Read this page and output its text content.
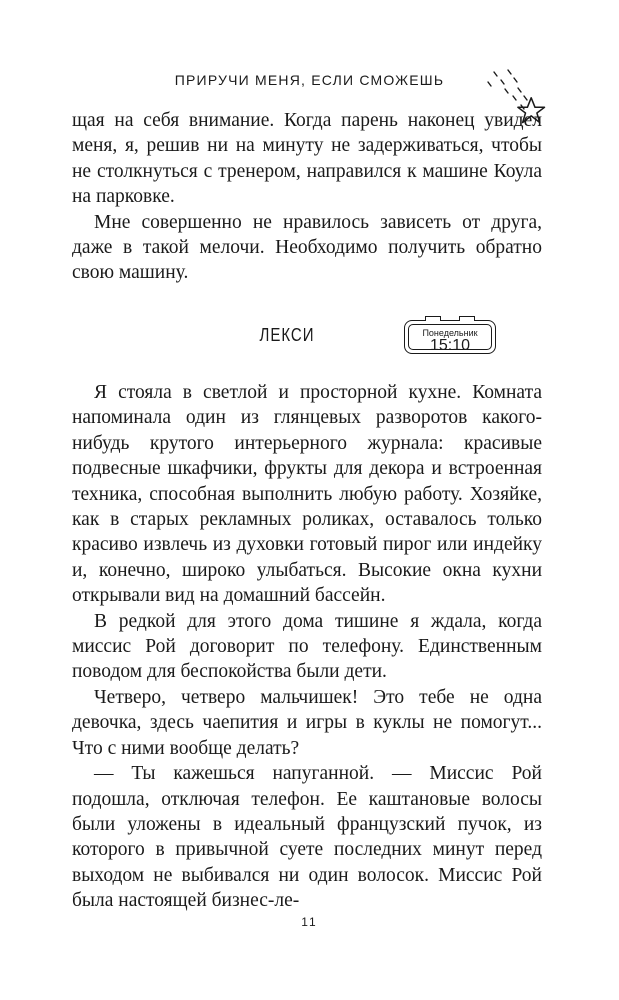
ПРИРУЧИ МЕНЯ, ЕСЛИ СМОЖЕШЬ

щая на себя внимание. Когда парень наконец увидел меня, я, решив ни на минуту не задерживаться, чтобы не столкнуться с тренером, направился к машине Коула на парковке.

Мне совершенно не нравилось зависеть от друга, даже в такой мелочи. Необходимо получить обратно свою машину.

ЛЕКСИ	Понедельник
15:10

Я стояла в светлой и просторной кухне. Комната напоминала один из глянцевых разворотов какого-нибудь крутого интерьерного журнала: красивые подвесные шкафчики, фрукты для декора и встроенная техника, способная выполнить любую работу. Хозяйке, как в старых рекламных роликах, оставалось только красиво извлечь из духовки готовый пирог или индейку и, конечно, широко улыбаться. Высокие окна кухни открывали вид на домашний бассейн.

В редкой для этого дома тишине я ждала, когда миссис Рой договорит по телефону. Единственным поводом для беспокойства были дети.

Четверо, четверо мальчишек! Это тебе не одна девочка, здесь чаепития и игры в куклы не помогут... Что с ними вообще делать?

— Ты кажешься напуганной. — Миссис Рой подошла, отключая телефон. Ее каштановые волосы были уложены в идеальный французский пучок, из которого в привычной суете последних минут перед выходом не выбивался ни один волосок. Миссис Рой была настоящей бизнес-ле-

11
